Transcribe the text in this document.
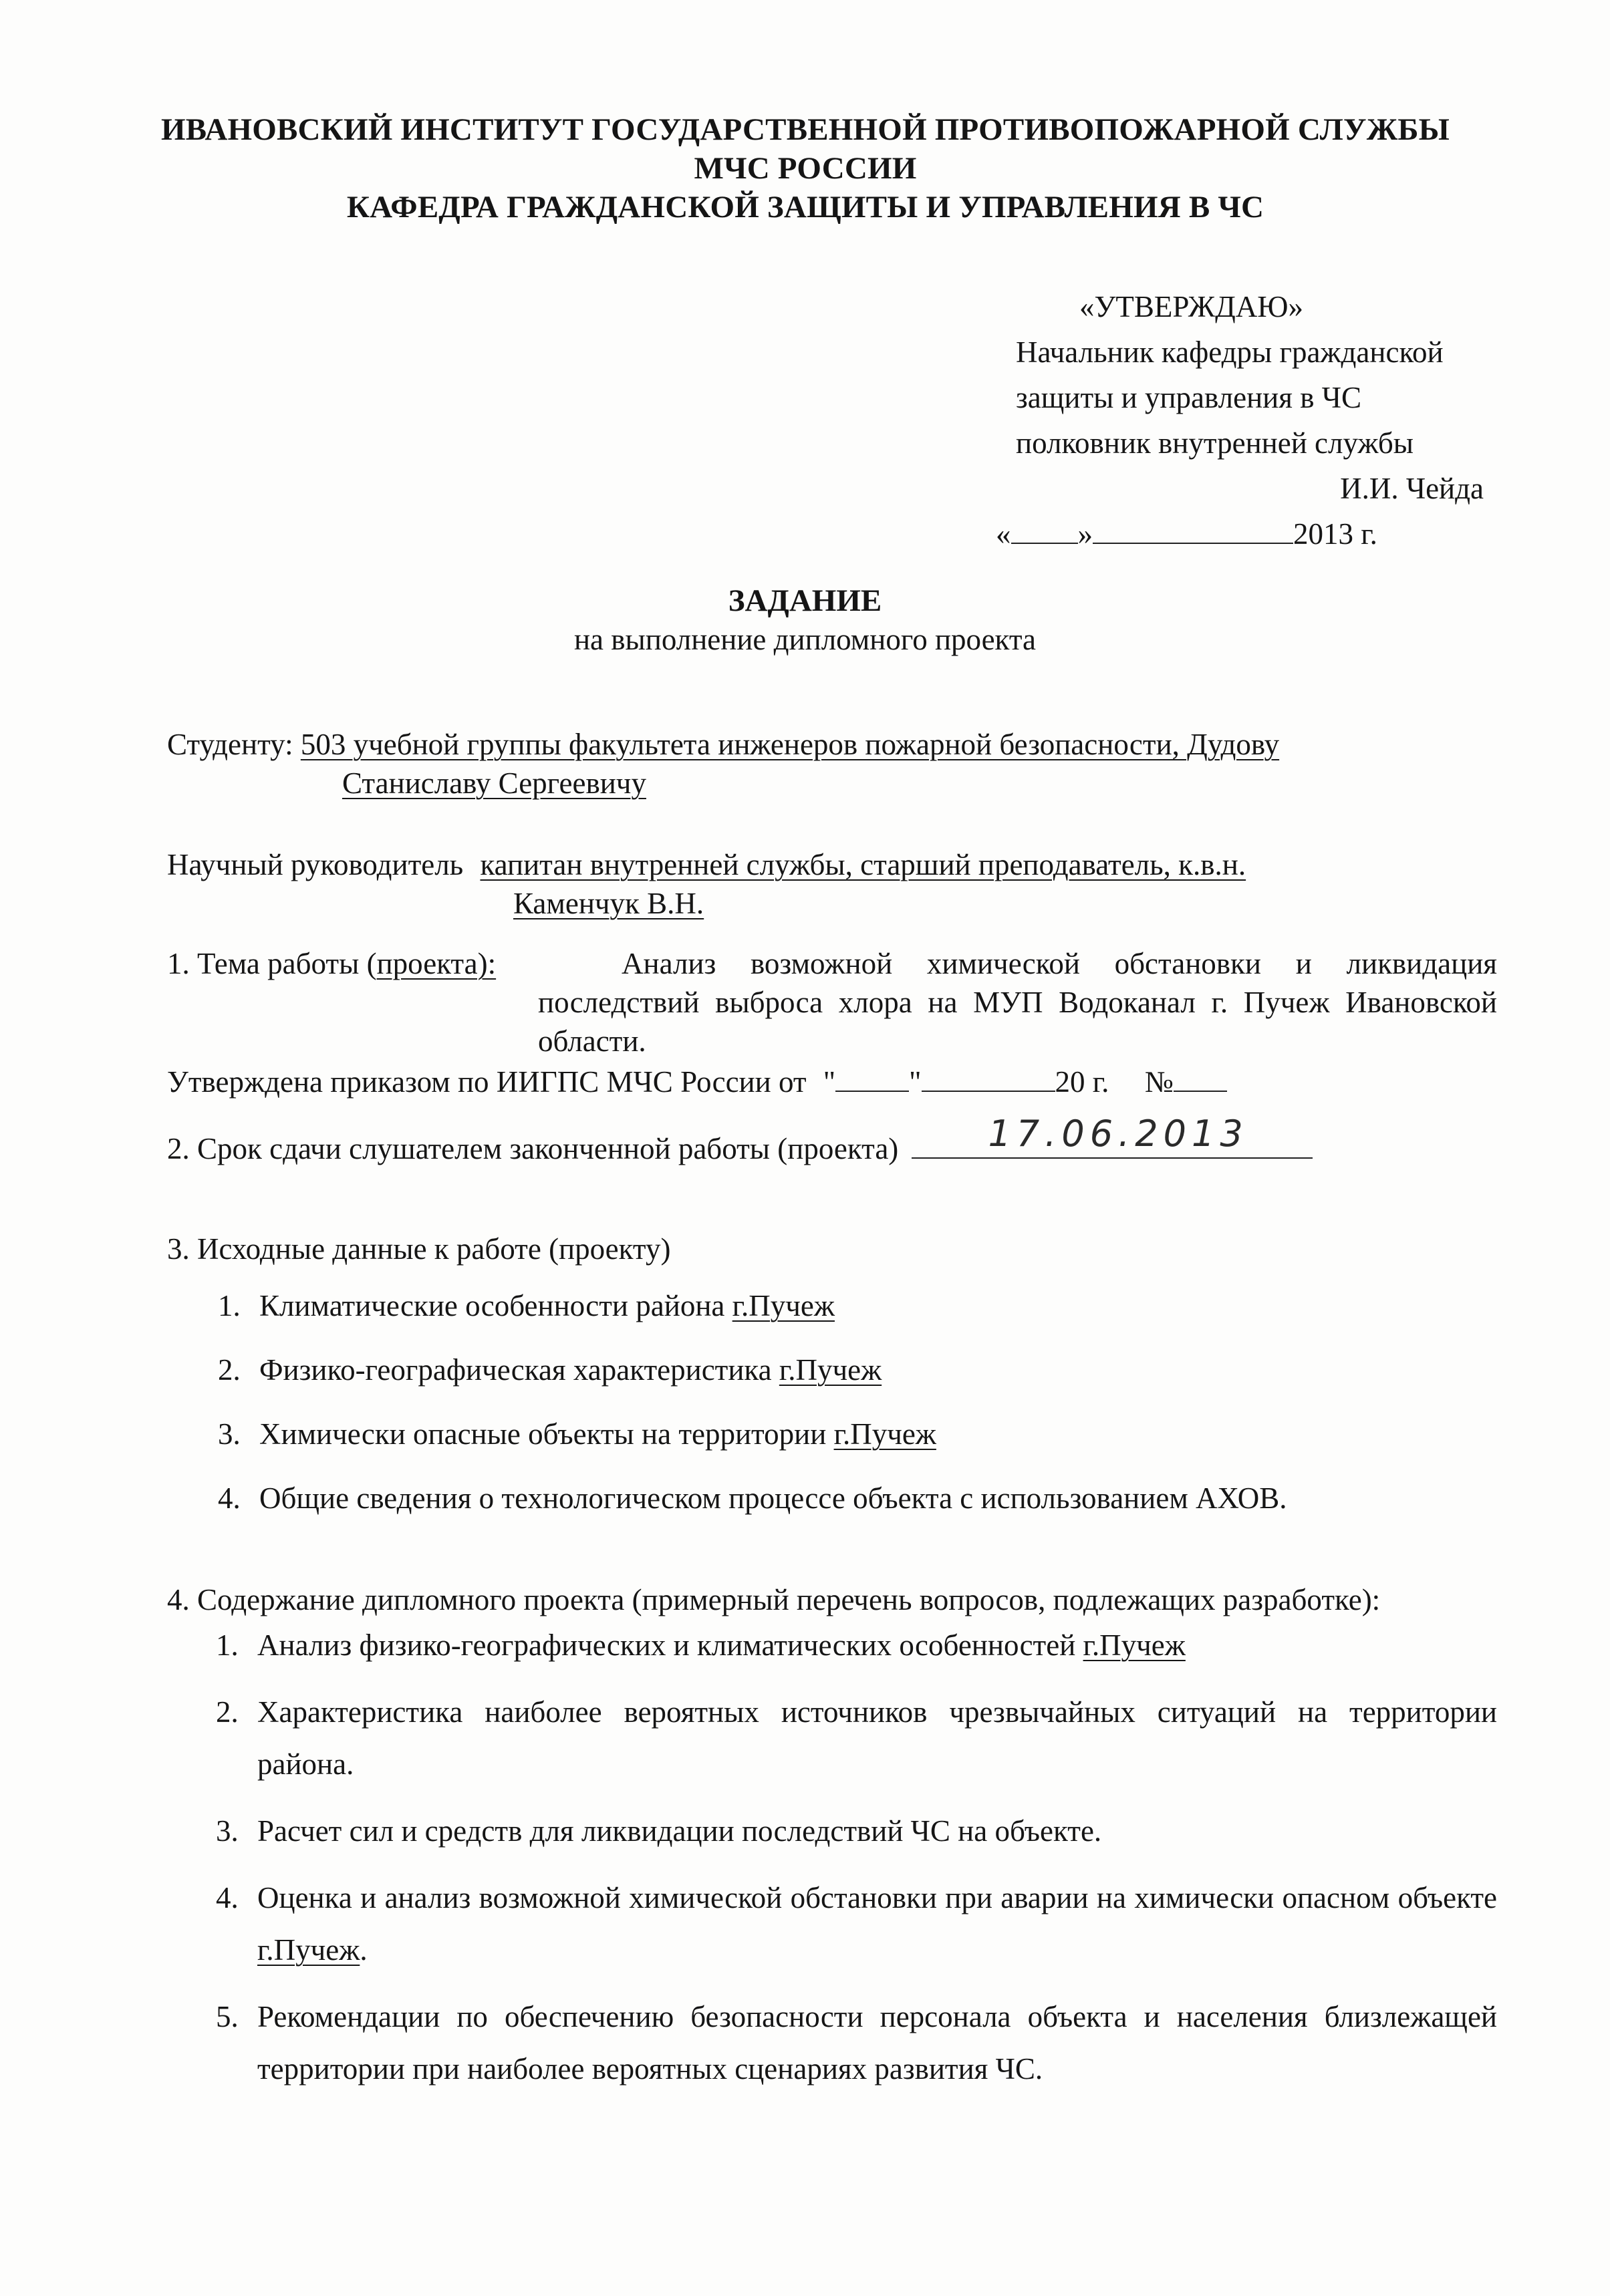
ИВАНОВСКИЙ ИНСТИТУТ ГОСУДАРСТВЕННОЙ ПРОТИВОПОЖАРНОЙ СЛУЖБЫ
МЧС РОССИИ
КАФЕДРА ГРАЖДАНСКОЙ ЗАЩИТЫ И УПРАВЛЕНИЯ В ЧС
«УТВЕРЖДАЮ»
Начальник кафедры гражданской
защиты и управления в ЧС
полковник внутренней службы
И.И. Чейда
« »	2013 г.
ЗАДАНИЕ
на выполнение дипломного проекта
Студенту: 503 учебной группы факультета инженеров пожарной безопасности, Дудову
Станиславу Сергеевичу
Научный руководитель капитан внутренней службы, старший преподаватель, к.в.н.
Каменчук В.Н.
1. Тема работы (проекта):	Анализ возможной химической обстановки и ликвидация последствий выброса хлора на МУП Водоканал г. Пучеж Ивановской области.
Утверждена приказом по ИИГПС МЧС России от " "	20 г. №
2. Срок сдачи слушателем законченной работы (проекта) 17.06.2013
3. Исходные данные к работе (проекту)
1. Климатические особенности района г.Пучеж
2. Физико-географическая характеристика г.Пучеж
3. Химически опасные объекты на территории г.Пучеж
4. Общие сведения о технологическом процессе объекта с использованием АХОВ.
4. Содержание дипломного проекта (примерный перечень вопросов, подлежащих разработке):
1. Анализ физико-географических и климатических особенностей г.Пучеж
2. Характеристика наиболее вероятных источников чрезвычайных ситуаций на территории района.
3. Расчет сил и средств для ликвидации последствий ЧС на объекте.
4. Оценка и анализ возможной химической обстановки при аварии на химически опасном объекте г.Пучеж.
5. Рекомендации по обеспечению безопасности персонала объекта и населения близлежащей территории при наиболее вероятных сценариях развития ЧС.
